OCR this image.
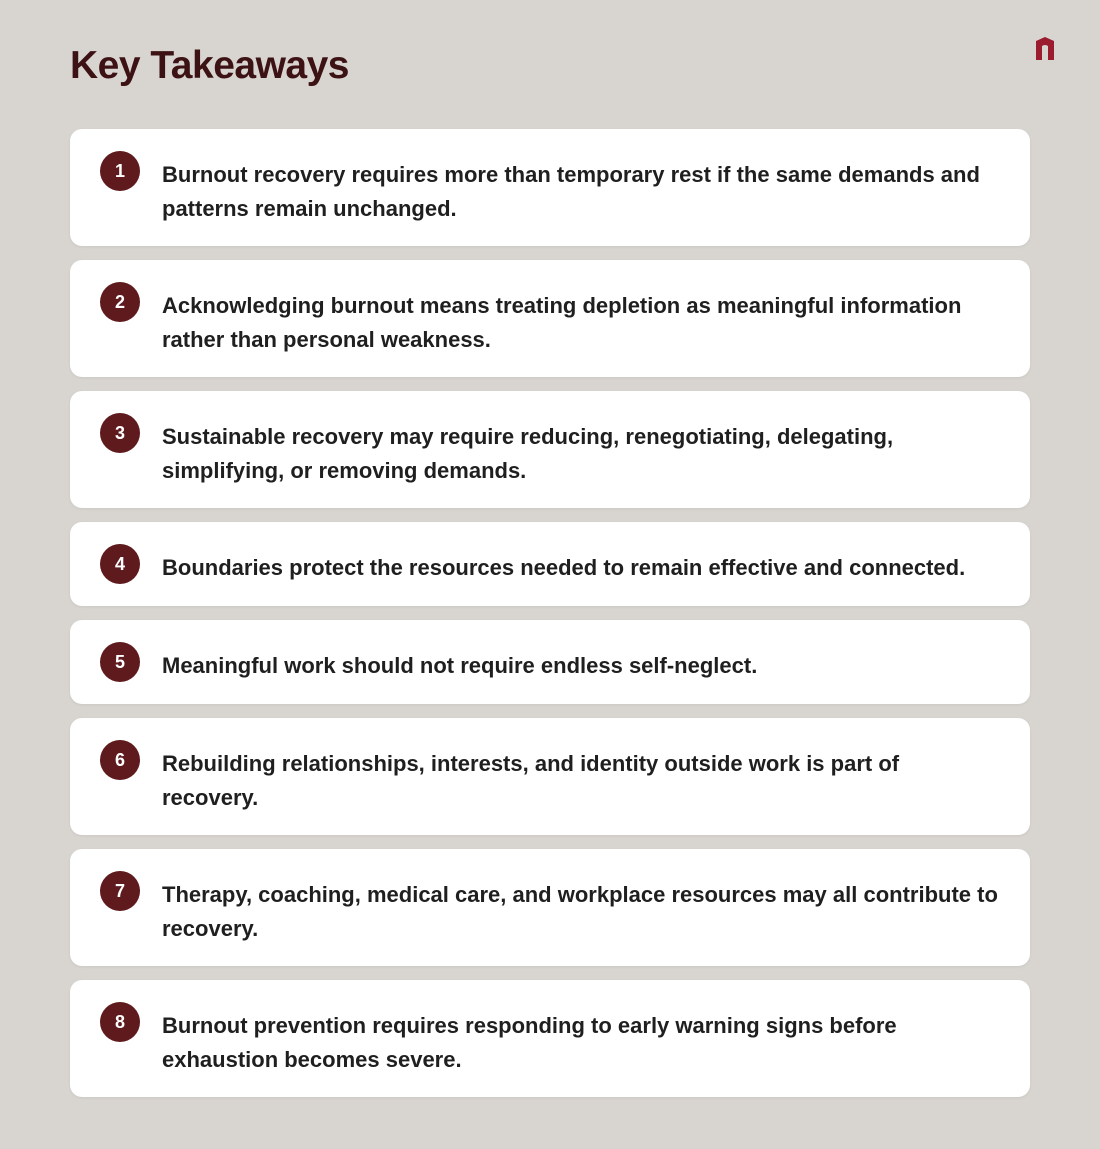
Key Takeaways
1	Burnout recovery requires more than temporary rest if the same demands and patterns remain unchanged.

2	Acknowledging burnout means treating depletion as meaningful information rather than personal weakness.

3	Sustainable recovery may require reducing, renegotiating, delegating, simplifying, or removing demands.

4	Boundaries protect the resources needed to remain effective and connected.

5	Meaningful work should not require endless self-neglect.

6	Rebuilding relationships, interests, and identity outside work is part of recovery.

7	Therapy, coaching, medical care, and workplace resources may all contribute to recovery.

8	Burnout prevention requires responding to early warning signs before exhaustion becomes severe.
